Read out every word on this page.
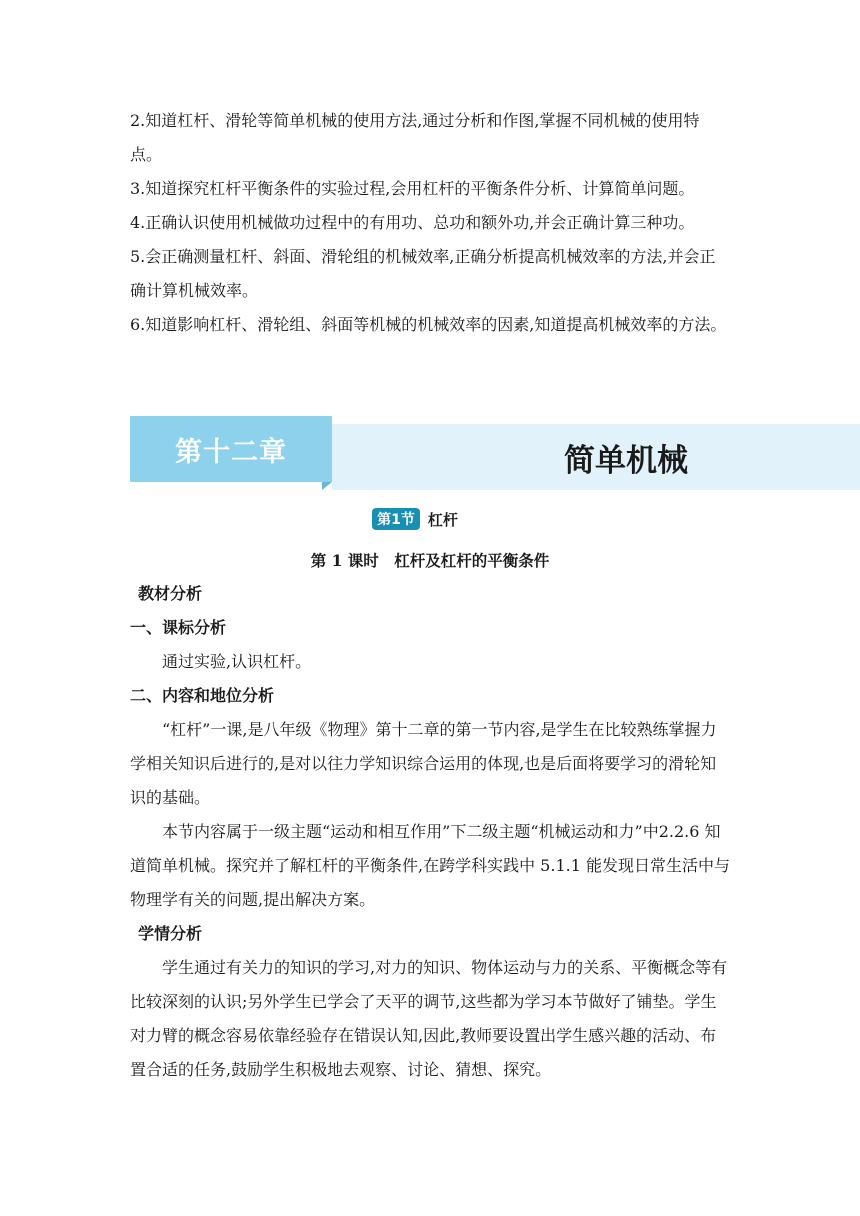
2.知道杠杆、滑轮等简单机械的使用方法,通过分析和作图,掌握不同机械的使用特点。

3.知道探究杠杆平衡条件的实验过程,会用杠杆的平衡条件分析、计算简单问题。

4.正确认识使用机械做功过程中的有用功、总功和额外功,并会正确计算三种功。

5.会正确测量杠杆、斜面、滑轮组的机械效率,正确分析提高机械效率的方法,并会正确计算机械效率。

6.知道影响杠杆、滑轮组、斜面等机械的机械效率的因素,知道提高机械效率的方法。

简单机械
第十二章
第1节 杠杆
第 1 课时　杠杆及杠杆的平衡条件

教材分析

一、课标分析

通过实验,认识杠杆。

二、内容和地位分析

“杠杆”一课,是八年级《物理》第十二章的第一节内容,是学生在比较熟练掌握力学相关知识后进行的,是对以往力学知识综合运用的体现,也是后面将要学习的滑轮知识的基础。

本节内容属于一级主题“运动和相互作用”下二级主题“机械运动和力”中2.2.6 知道简单机械。探究并了解杠杆的平衡条件,在跨学科实践中 5.1.1 能发现日常生活中与物理学有关的问题,提出解决方案。

学情分析

学生通过有关力的知识的学习,对力的知识、物体运动与力的关系、平衡概念等有比较深刻的认识;另外学生已学会了天平的调节,这些都为学习本节做好了铺垫。学生对力臂的概念容易依靠经验存在错误认知,因此,教师要设置出学生感兴趣的活动、布置合适的任务,鼓励学生积极地去观察、讨论、猜想、探究。
